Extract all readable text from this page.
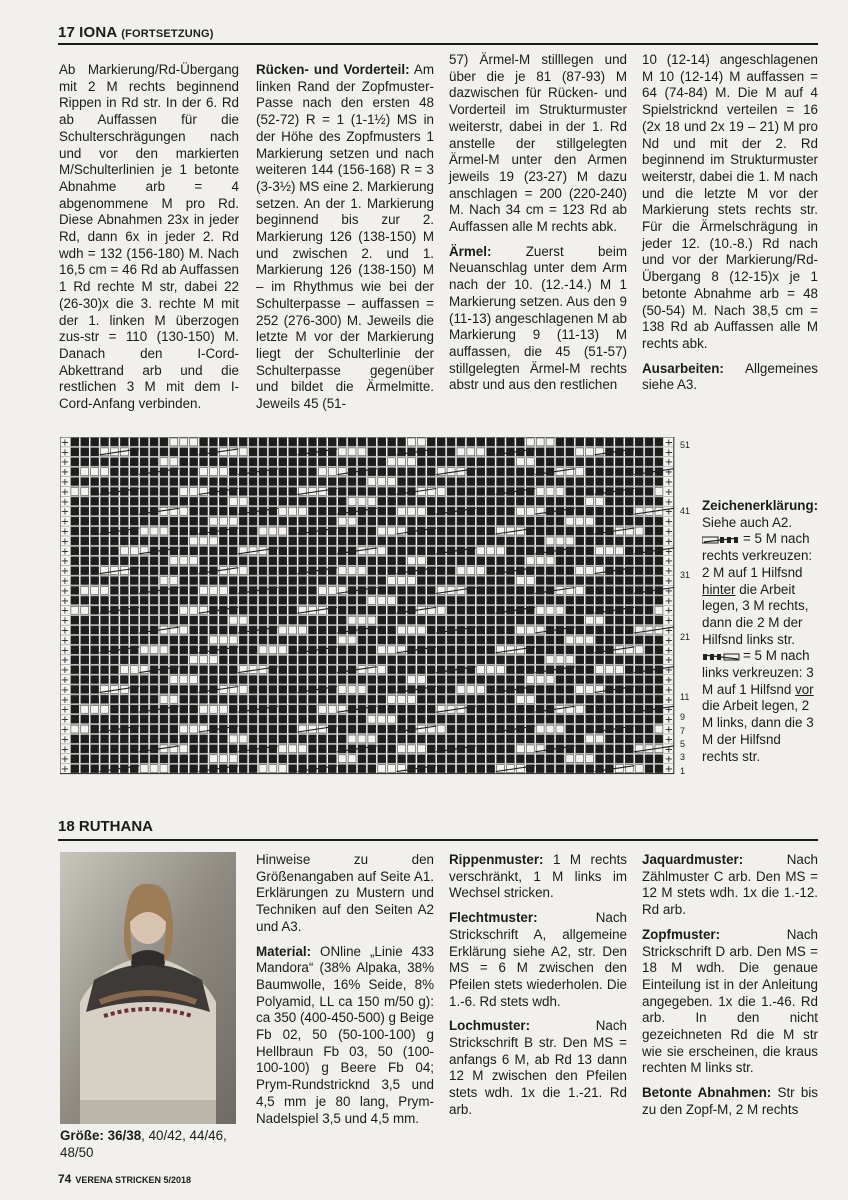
17 IONA (FORTSETZUNG)

Ab Markierung/Rd-Übergang mit 2 M rechts beginnend Rippen in Rd str. In der 6. Rd ab Auffassen für die Schulterschrägungen nach und vor den markierten M/Schulterlinien je 1 betonte Abnahme arb = 4 abgenommene M pro Rd. Diese Abnahmen 23x in jeder Rd, dann 6x in jeder 2. Rd wdh = 132 (156-180) M. Nach 16,5 cm = 46 Rd ab Auffassen 1 Rd rechte M str, dabei 22 (26-30)x die 3. rechte M mit der 1. linken M überzogen zus-str = 110 (130-150) M. Danach den I-Cord-Abkettrand arb und die restlichen 3 M mit dem I-Cord-Anfang verbinden.

Rücken- und Vorderteil: Am linken Rand der Zopfmuster-Passe nach den ersten 48 (52-72) R = 1 (1-1½) MS in der Höhe des Zopfmusters 1 Markierung setzen und nach weiteren 144 (156-168) R = 3 (3-3½) MS eine 2. Markierung setzen. An der 1. Markierung beginnend bis zur 2. Markierung 126 (138-150) M und zwischen 2. und 1. Markierung 126 (138-150) M – im Rhythmus wie bei der Schulterpasse – auffassen = 252 (276-300) M. Jeweils die letzte M vor der Markierung liegt der Schulterlinie der Schulterpasse gegenüber und bildet die Ärmelmitte. Jeweils 45 (51-

57) Ärmel-M stilllegen und über die je 81 (87-93) M dazwischen für Rücken- und Vorderteil im Strukturmuster weiterstr, dabei in der 1. Rd anstelle der stillgelegten Ärmel-M unter den Armen jeweils 19 (23-27) M dazu anschlagen = 200 (220-240) M. Nach 34 cm = 123 Rd ab Auffassen alle M rechts abk.

Ärmel: Zuerst beim Neuanschlag unter dem Arm nach der 10. (12.-14.) M 1 Markierung setzen. Aus den 9 (11-13) angeschlagenen M ab Markierung 9 (11-13) M auffassen, die 45 (51-57) stillgelegten Ärmel-M rechts abstr und aus den restlichen

10 (12-14) angeschlagenen M 10 (12-14) M auffassen = 64 (74-84) M. Die M auf 4 Spielstricknd verteilen = 16 (2x 18 und 2x 19 – 21) M pro Nd und mit der 2. Rd beginnend im Strukturmuster weiterstr, dabei die 1. M nach und die letzte M vor der Markierung stets rechts str. Für die Ärmelschrägung in jeder 12. (10.-8.) Rd nach und vor der Markierung/Rd-Übergang 8 (12-15)x je 1 betonte Abnahme arb = 48 (50-54) M. Nach 38,5 cm = 138 Rd ab Auffassen alle M rechts abk.

Ausarbeiten: Allgemeines siehe A3.

+	+
+	+
+	+
+	+
+	+
+	+
+	+
+	+
+	+
+	+
+	+
+	+
+	+
+	+
+	+
+	+
+	+
+	+
+	+
+	+
+	+
+	+
+	+
+	+
+	+
+	+
+	+
+	+
+	+
+	+
+	+
+	+
+	+
+	+
51
41
31
21
11
9
7
5
3
1

Zeichenerklärung:

Siehe auch A2.

= 5 M nach rechts verkreuzen: 2 M auf 1 Hilfsnd hinter die Arbeit legen, 3 M rechts, dann die 2 M der Hilfsnd links str.

= 5 M nach links verkreuzen: 3 M auf 1 Hilfsnd vor die Arbeit legen, 2 M links, dann die 3 M der Hilfsnd rechts str.

18 RUTHANA
Größe: 36/38, 40/42, 44/46, 48/50

Hinweise zu den Größenangaben auf Seite A1. Erklärungen zu Mustern und Techniken auf den Seiten A2 und A3.

Material: ONline „Linie 433 Mandora“ (38% Alpaka, 38% Baumwolle, 16% Seide, 8% Polyamid, LL ca 150 m/50 g): ca 350 (400-450-500) g Beige Fb 02, 50 (50-100-100) g Hellbraun Fb 03, 50 (100-100-100) g Beere Fb 04; Prym-Rundstricknd 3,5 und 4,5 mm je 80 lang, Prym-Nadelspiel 3,5 und 4,5 mm.

Rippenmuster: 1 M rechts verschränkt, 1 M links im Wechsel stricken.

Flechtmuster: Nach Strickschrift A, allgemeine Erklärung siehe A2, str. Den MS = 6 M zwischen den Pfeilen stets wiederholen. Die 1.-6. Rd stets wdh.

Lochmuster: Nach Strickschrift B str. Den MS = anfangs 6 M, ab Rd 13 dann 12 M zwischen den Pfeilen stets wdh. 1x die 1.-21. Rd arb.

Jaquardmuster: Nach Zählmuster C arb. Den MS = 12 M stets wdh. 1x die 1.-12. Rd arb.

Zopfmuster: Nach Strickschrift D arb. Den MS = 18 M wdh. Die genaue Einteilung ist in der Anleitung angegeben. 1x die 1.-46. Rd arb. In den nicht gezeichneten Rd die M str wie sie erscheinen, die kraus rechten M links str.

Betonte Abnahmen: Str bis zu den Zopf-M, 2 M rechts

74 VERENA STRICKEN 5/2018
